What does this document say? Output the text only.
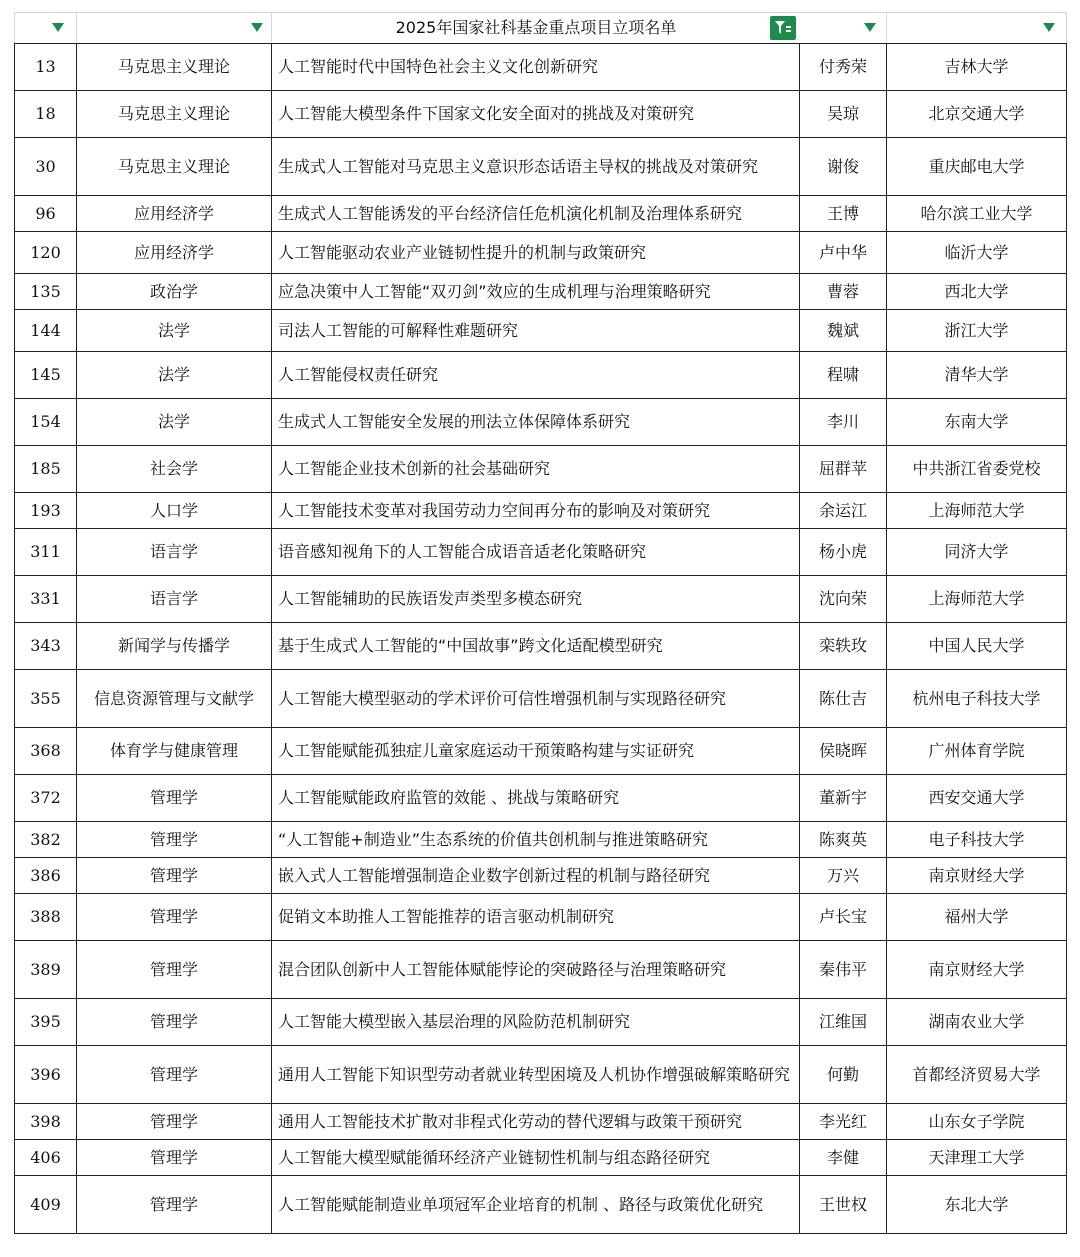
		2025年国家社科基金重点项目立项名单		

13	马克思主义理论	人工智能时代中国特色社会主义文化创新研究	付秀荣	吉林大学
18	马克思主义理论	人工智能大模型条件下国家文化安全面对的挑战及对策研究	吴琼	北京交通大学
30	马克思主义理论	生成式人工智能对马克思主义意识形态话语主导权的挑战及对策研究	谢俊	重庆邮电大学
96	应用经济学	生成式人工智能诱发的平台经济信任危机演化机制及治理体系研究	王博	哈尔滨工业大学
120	应用经济学	人工智能驱动农业产业链韧性提升的机制与政策研究	卢中华	临沂大学
135	政治学	应急决策中人工智能“双刃剑”效应的生成机理与治理策略研究	曹蓉	西北大学
144	法学	司法人工智能的可解释性难题研究	魏斌	浙江大学
145	法学	人工智能侵权责任研究	程啸	清华大学
154	法学	生成式人工智能安全发展的刑法立体保障体系研究	李川	东南大学
185	社会学	人工智能企业技术创新的社会基础研究	屈群苹	中共浙江省委党校
193	人口学	人工智能技术变革对我国劳动力空间再分布的影响及对策研究	余运江	上海师范大学
311	语言学	语音感知视角下的人工智能合成语音适老化策略研究	杨小虎	同济大学
331	语言学	人工智能辅助的民族语发声类型多模态研究	沈向荣	上海师范大学
343	新闻学与传播学	基于生成式人工智能的“中国故事”跨文化适配模型研究	栾轶玫	中国人民大学
355	信息资源管理与文献学	人工智能大模型驱动的学术评价可信性增强机制与实现路径研究	陈仕吉	杭州电子科技大学
368	体育学与健康管理	人工智能赋能孤独症儿童家庭运动干预策略构建与实证研究	侯晓晖	广州体育学院
372	管理学	人工智能赋能政府监管的效能 、挑战与策略研究	董新宇	西安交通大学
382	管理学	“人工智能+制造业”生态系统的价值共创机制与推进策略研究	陈爽英	电子科技大学
386	管理学	嵌入式人工智能增强制造企业数字创新过程的机制与路径研究	万兴	南京财经大学
388	管理学	促销文本助推人工智能推荐的语言驱动机制研究	卢长宝	福州大学
389	管理学	混合团队创新中人工智能体赋能悖论的突破路径与治理策略研究	秦伟平	南京财经大学
395	管理学	人工智能大模型嵌入基层治理的风险防范机制研究	江维国	湖南农业大学
396	管理学	通用人工智能下知识型劳动者就业转型困境及人机协作增强破解策略研究	何勤	首都经济贸易大学
398	管理学	通用人工智能技术扩散对非程式化劳动的替代逻辑与政策干预研究	李光红	山东女子学院
406	管理学	人工智能大模型赋能循环经济产业链韧性机制与组态路径研究	李健	天津理工大学
409	管理学	人工智能赋能制造业单项冠军企业培育的机制 、路径与政策优化研究	王世权	东北大学
